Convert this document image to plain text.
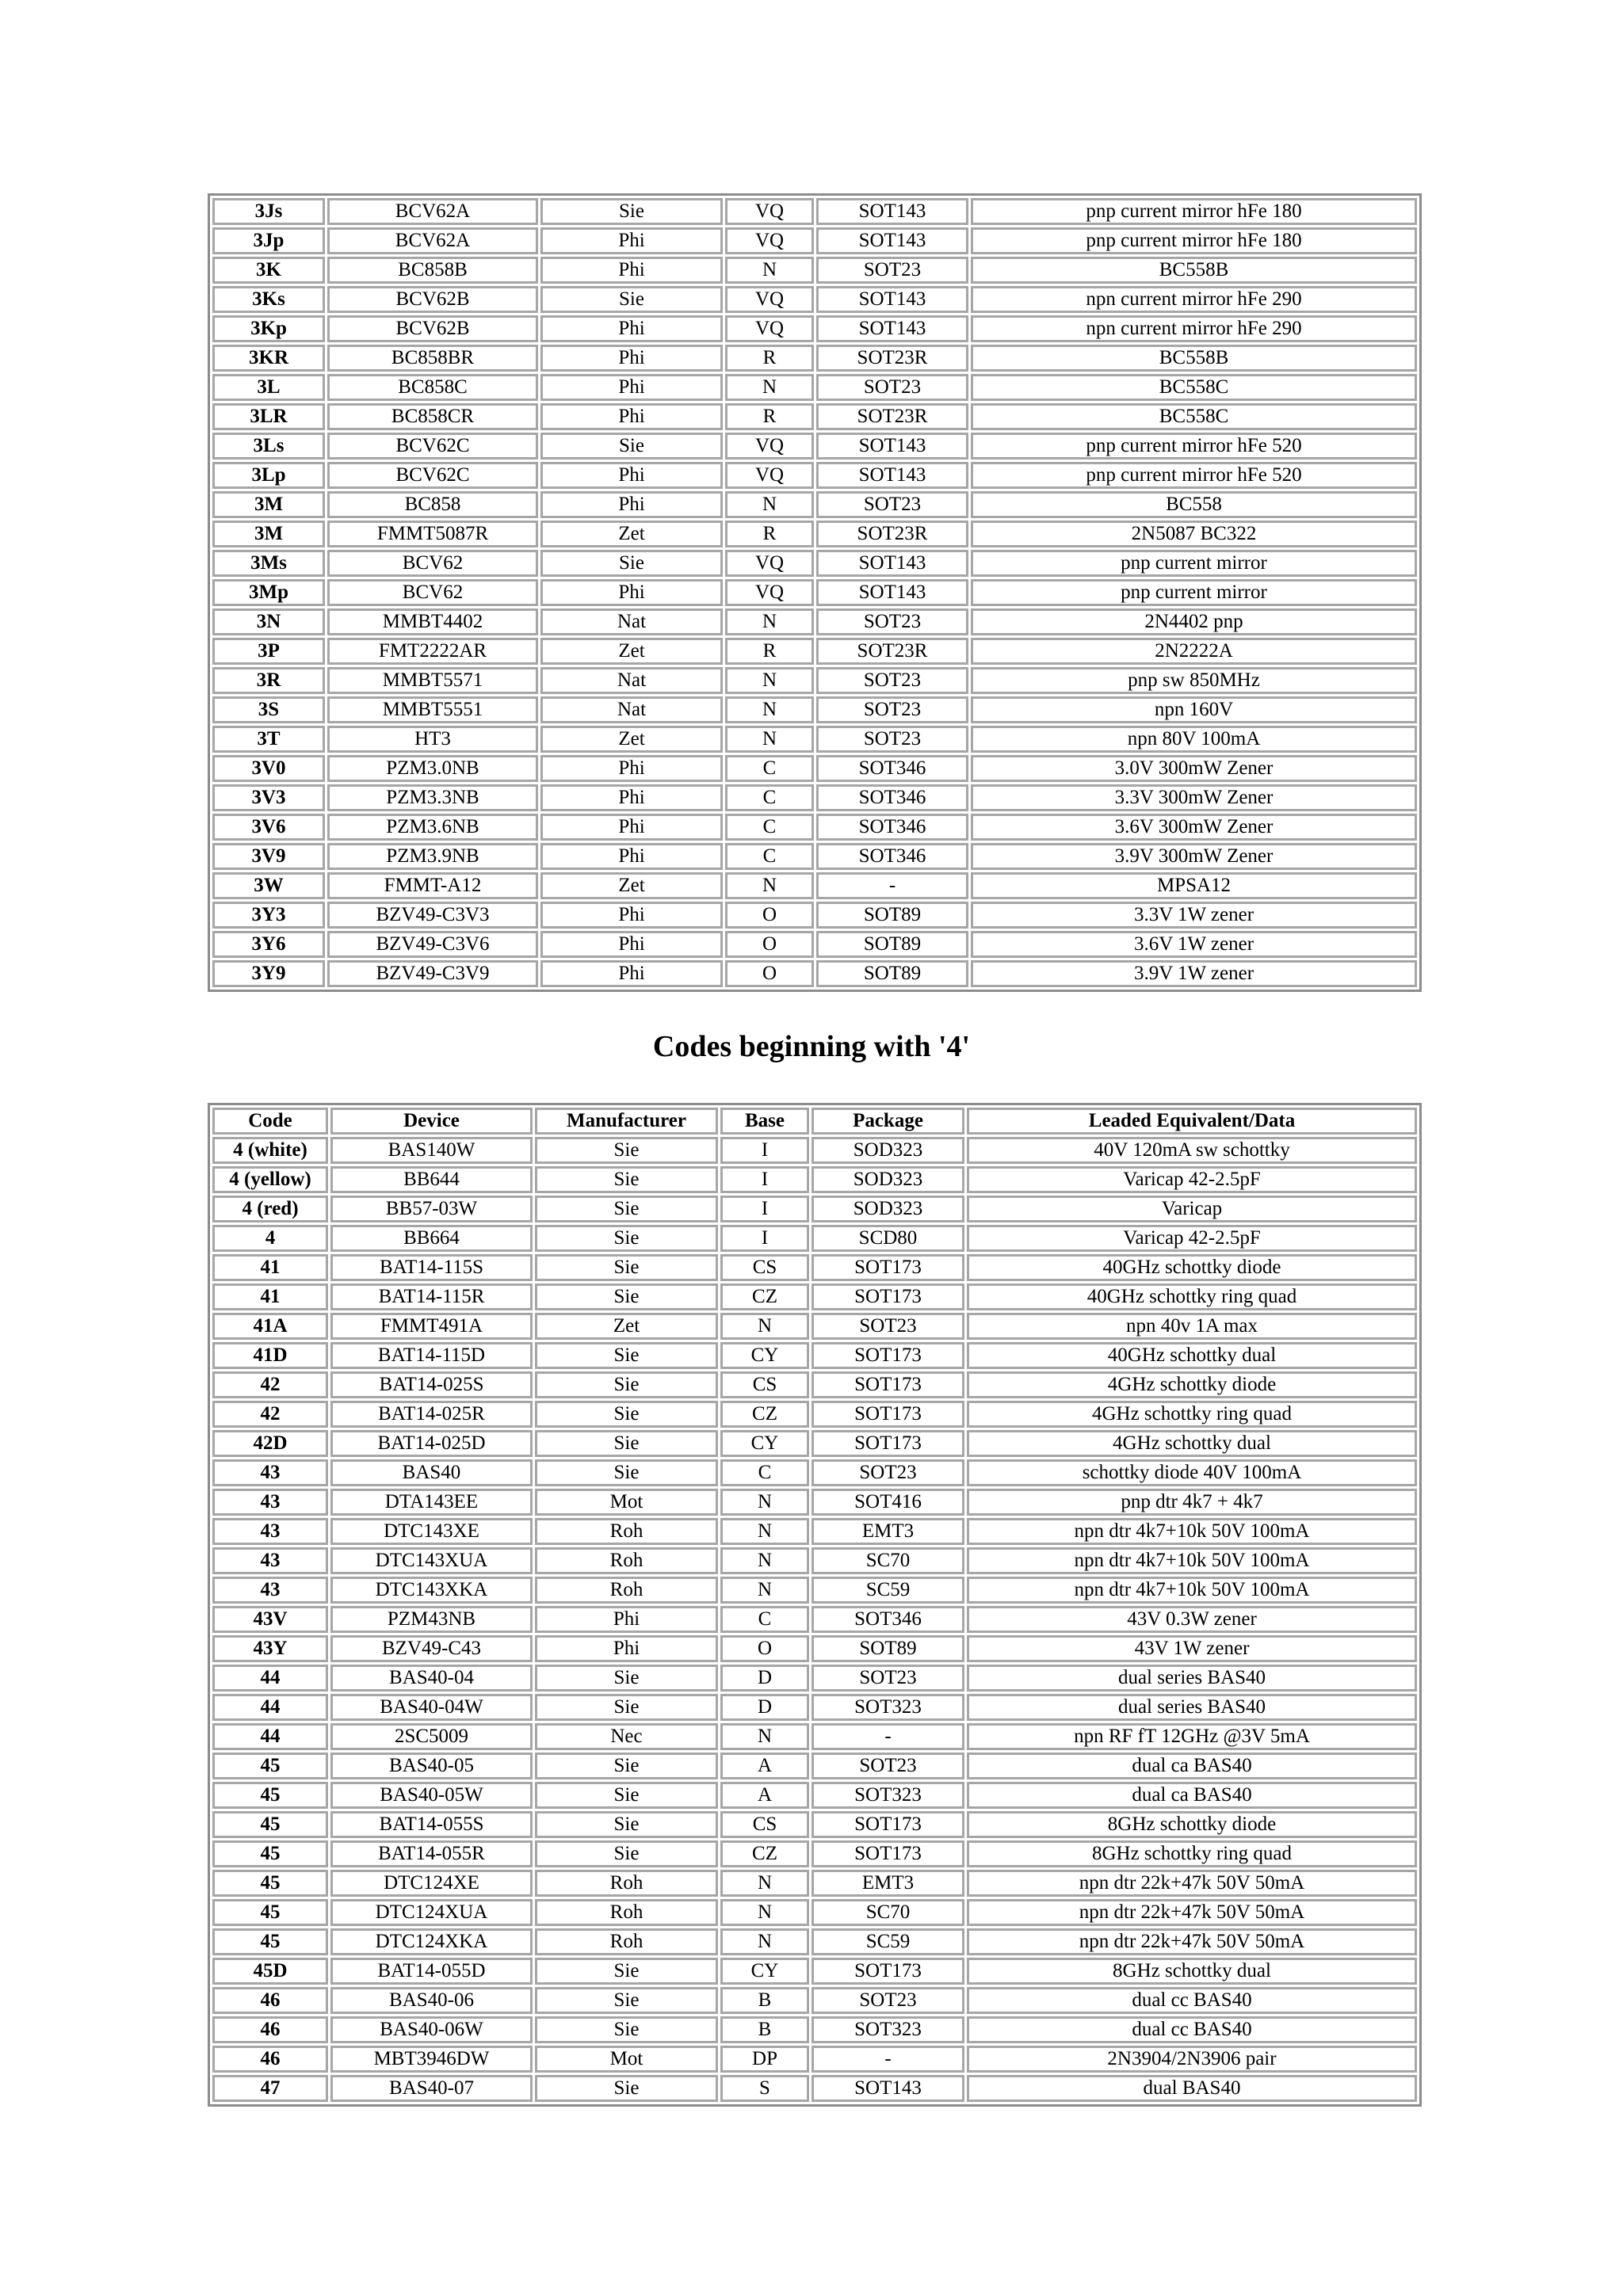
3Js	BCV62A	Sie	VQ	SOT143	pnp current mirror hFe 180
3Jp	BCV62A	Phi	VQ	SOT143	pnp current mirror hFe 180
3K	BC858B	Phi	N	SOT23	BC558B
3Ks	BCV62B	Sie	VQ	SOT143	npn current mirror hFe 290
3Kp	BCV62B	Phi	VQ	SOT143	npn current mirror hFe 290
3KR	BC858BR	Phi	R	SOT23R	BC558B
3L	BC858C	Phi	N	SOT23	BC558C
3LR	BC858CR	Phi	R	SOT23R	BC558C
3Ls	BCV62C	Sie	VQ	SOT143	pnp current mirror hFe 520
3Lp	BCV62C	Phi	VQ	SOT143	pnp current mirror hFe 520
3M	BC858	Phi	N	SOT23	BC558
3M	FMMT5087R	Zet	R	SOT23R	2N5087 BC322
3Ms	BCV62	Sie	VQ	SOT143	pnp current mirror
3Mp	BCV62	Phi	VQ	SOT143	pnp current mirror
3N	MMBT4402	Nat	N	SOT23	2N4402 pnp
3P	FMT2222AR	Zet	R	SOT23R	2N2222A
3R	MMBT5571	Nat	N	SOT23	pnp sw 850MHz
3S	MMBT5551	Nat	N	SOT23	npn 160V
3T	HT3	Zet	N	SOT23	npn 80V 100mA
3V0	PZM3.0NB	Phi	C	SOT346	3.0V 300mW Zener
3V3	PZM3.3NB	Phi	C	SOT346	3.3V 300mW Zener
3V6	PZM3.6NB	Phi	C	SOT346	3.6V 300mW Zener
3V9	PZM3.9NB	Phi	C	SOT346	3.9V 300mW Zener
3W	FMMT-A12	Zet	N	-	MPSA12
3Y3	BZV49-C3V3	Phi	O	SOT89	3.3V 1W zener
3Y6	BZV49-C3V6	Phi	O	SOT89	3.6V 1W zener
3Y9	BZV49-C3V9	Phi	O	SOT89	3.9V 1W zener
Codes beginning with '4'
Code	Device	Manufacturer	Base	Package	Leaded Equivalent/Data
4 (white)	BAS140W	Sie	I	SOD323	40V 120mA sw schottky
4 (yellow)	BB644	Sie	I	SOD323	Varicap 42-2.5pF
4 (red)	BB57-03W	Sie	I	SOD323	Varicap
4	BB664	Sie	I	SCD80	Varicap 42-2.5pF
41	BAT14-115S	Sie	CS	SOT173	40GHz schottky diode
41	BAT14-115R	Sie	CZ	SOT173	40GHz schottky ring quad
41A	FMMT491A	Zet	N	SOT23	npn 40v 1A max
41D	BAT14-115D	Sie	CY	SOT173	40GHz schottky dual
42	BAT14-025S	Sie	CS	SOT173	4GHz schottky diode
42	BAT14-025R	Sie	CZ	SOT173	4GHz schottky ring quad
42D	BAT14-025D	Sie	CY	SOT173	4GHz schottky dual
43	BAS40	Sie	C	SOT23	schottky diode 40V 100mA
43	DTA143EE	Mot	N	SOT416	pnp dtr 4k7 + 4k7
43	DTC143XE	Roh	N	EMT3	npn dtr 4k7+10k 50V 100mA
43	DTC143XUA	Roh	N	SC70	npn dtr 4k7+10k 50V 100mA
43	DTC143XKA	Roh	N	SC59	npn dtr 4k7+10k 50V 100mA
43V	PZM43NB	Phi	C	SOT346	43V 0.3W zener
43Y	BZV49-C43	Phi	O	SOT89	43V 1W zener
44	BAS40-04	Sie	D	SOT23	dual series BAS40
44	BAS40-04W	Sie	D	SOT323	dual series BAS40
44	2SC5009	Nec	N	-	npn RF fT 12GHz @3V 5mA
45	BAS40-05	Sie	A	SOT23	dual ca BAS40
45	BAS40-05W	Sie	A	SOT323	dual ca BAS40
45	BAT14-055S	Sie	CS	SOT173	8GHz schottky diode
45	BAT14-055R	Sie	CZ	SOT173	8GHz schottky ring quad
45	DTC124XE	Roh	N	EMT3	npn dtr 22k+47k 50V 50mA
45	DTC124XUA	Roh	N	SC70	npn dtr 22k+47k 50V 50mA
45	DTC124XKA	Roh	N	SC59	npn dtr 22k+47k 50V 50mA
45D	BAT14-055D	Sie	CY	SOT173	8GHz schottky dual
46	BAS40-06	Sie	B	SOT23	dual cc BAS40
46	BAS40-06W	Sie	B	SOT323	dual cc BAS40
46	MBT3946DW	Mot	DP	-	2N3904/2N3906 pair
47	BAS40-07	Sie	S	SOT143	dual BAS40
